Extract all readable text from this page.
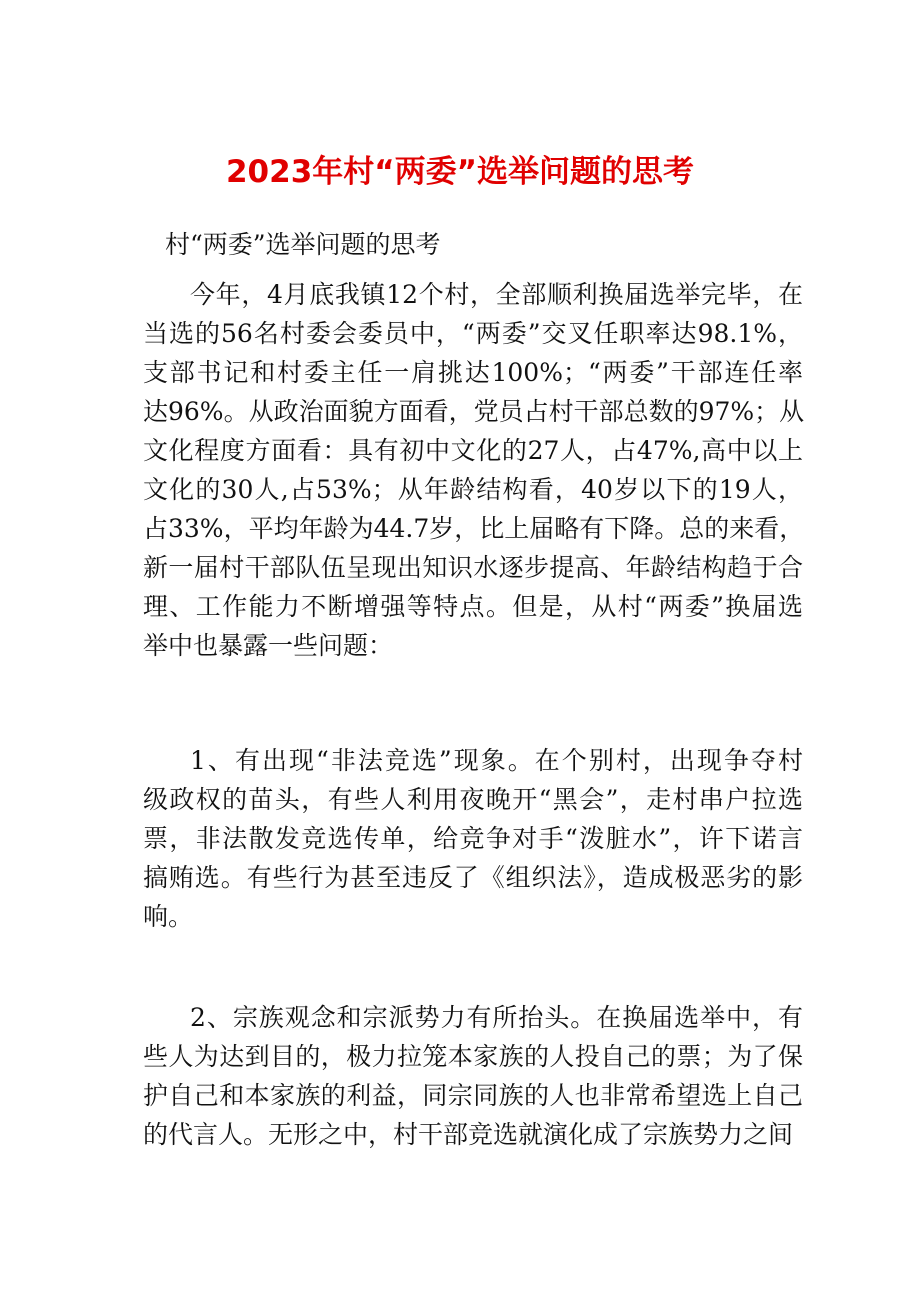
2023年村“两委”选举问题的思考
村“两委”选举问题的思考
今年，4月底我镇12个村，全部顺利换届选举完毕，在
当选的56名村委会委员中，“两委”交叉任职率达98.1%，
支部书记和村委主任一肩挑达100%；“两委”干部连任率
达96%。从政治面貌方面看，党员占村干部总数的97%；从
文化程度方面看：具有初中文化的27人，占47%,高中以上
文化的30人,占53%；从年龄结构看，40岁以下的19人，
占33%，平均年龄为44.7岁，比上届略有下降。总的来看，
新一届村干部队伍呈现出知识水逐步提高、年龄结构趋于合
理、工作能力不断增强等特点。但是，从村“两委”换届选
举中也暴露一些问题：
1、有出现“非法竞选”现象。在个别村，出现争夺村
级政权的苗头，有些人利用夜晚开“黑会”，走村串户拉选
票，非法散发竞选传单，给竞争对手“泼脏水”，许下诺言
搞贿选。有些行为甚至违反了《组织法》，造成极恶劣的影
响。
2、宗族观念和宗派势力有所抬头。在换届选举中，有
些人为达到目的，极力拉笼本家族的人投自己的票；为了保
护自己和本家族的利益，同宗同族的人也非常希望选上自己
的代言人。无形之中，村干部竞选就演化成了宗族势力之间
